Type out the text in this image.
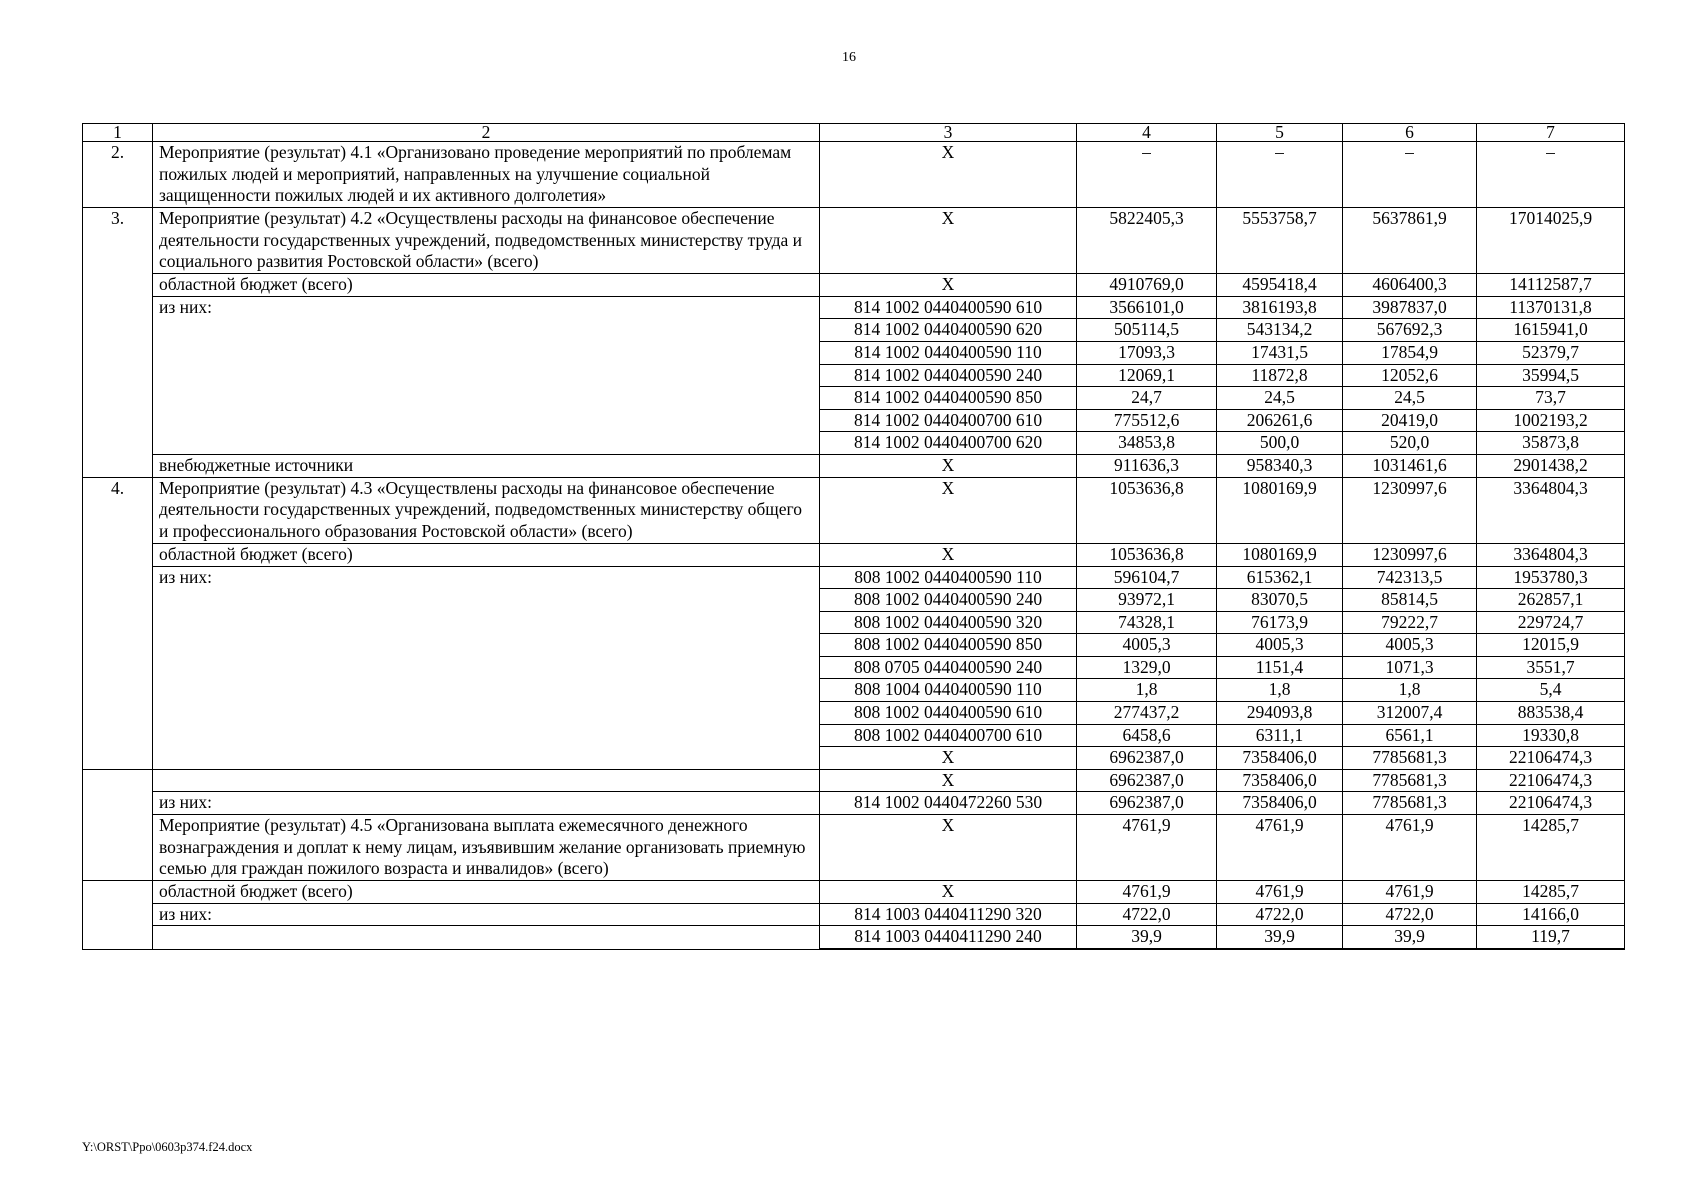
16
1	2	3	4	5	6	7
2.	Мероприятие (результат) 4.1 «Организовано проведение мероприятий по проблемам пожилых людей и мероприятий, направленных на улучшение социальной защищенности пожилых людей и их активного долголетия»	X	–	–	–	–
3.	Мероприятие (результат) 4.2 «Осуществлены расходы на финансовое обеспечение деятельности государственных учреждений, подведомственных министерству труда и социального развития Ростовской области» (всего)	X	5822405,3	5553758,7	5637861,9	17014025,9
	областной бюджет (всего)	X	4910769,0	4595418,4	4606400,3	14112587,7
	из них:	814 1002 0440400590 610	3566101,0	3816193,8	3987837,0	11370131,8
		814 1002 0440400590 620	505114,5	543134,2	567692,3	1615941,0
		814 1002 0440400590 110	17093,3	17431,5	17854,9	52379,7
		814 1002 0440400590 240	12069,1	11872,8	12052,6	35994,5
		814 1002 0440400590 850	24,7	24,5	24,5	73,7
		814 1002 0440400700 610	775512,6	206261,6	20419,0	1002193,2
		814 1002 0440400700 620	34853,8	500,0	520,0	35873,8
	внебюджетные источники	X	911636,3	958340,3	1031461,6	2901438,2
4.	Мероприятие (результат) 4.3 «Осуществлены расходы на финансовое обеспечение деятельности государственных учреждений, подведомственных министерству общего и профессионального образования Ростовской области» (всего)	X	1053636,8	1080169,9	1230997,6	3364804,3
	областной бюджет (всего)	X	1053636,8	1080169,9	1230997,6	3364804,3
	из них:	808 1002 0440400590 110	596104,7	615362,1	742313,5	1953780,3
		808 1002 0440400590 240	93972,1	83070,5	85814,5	262857,1
		808 1002 0440400590 320	74328,1	76173,9	79222,7	229724,7
		808 1002 0440400590 850	4005,3	4005,3	4005,3	12015,9
		808 0705 0440400590 240	1329,0	1151,4	1071,3	3551,7
		808 1004 0440400590 110	1,8	1,8	1,8	5,4
		808 1002 0440400590 610	277437,2	294093,8	312007,4	883538,4
		808 1002 0440400700 610	6458,6	6311,1	6561,1	19330,8
		X	6962387,0	7358406,0	7785681,3	22106474,3
		X	6962387,0	7358406,0	7785681,3	22106474,3
	из них:	814 1002 0440472260 530	6962387,0	7358406,0	7785681,3	22106474,3
	Мероприятие (результат) 4.5 «Организована выплата ежемесячного денежного вознаграждения и доплат к нему лицам, изъявившим желание организовать приемную семью для граждан пожилого возраста и инвалидов» (всего)	X	4761,9	4761,9	4761,9	14285,7
	областной бюджет (всего)	X	4761,9	4761,9	4761,9	14285,7
	из них:	814 1003 0440411290 320	4722,0	4722,0	4722,0	14166,0
		814 1003 0440411290 240	39,9	39,9	39,9	119,7

Y:\ORST\Ppo\0603p374.f24.docx
